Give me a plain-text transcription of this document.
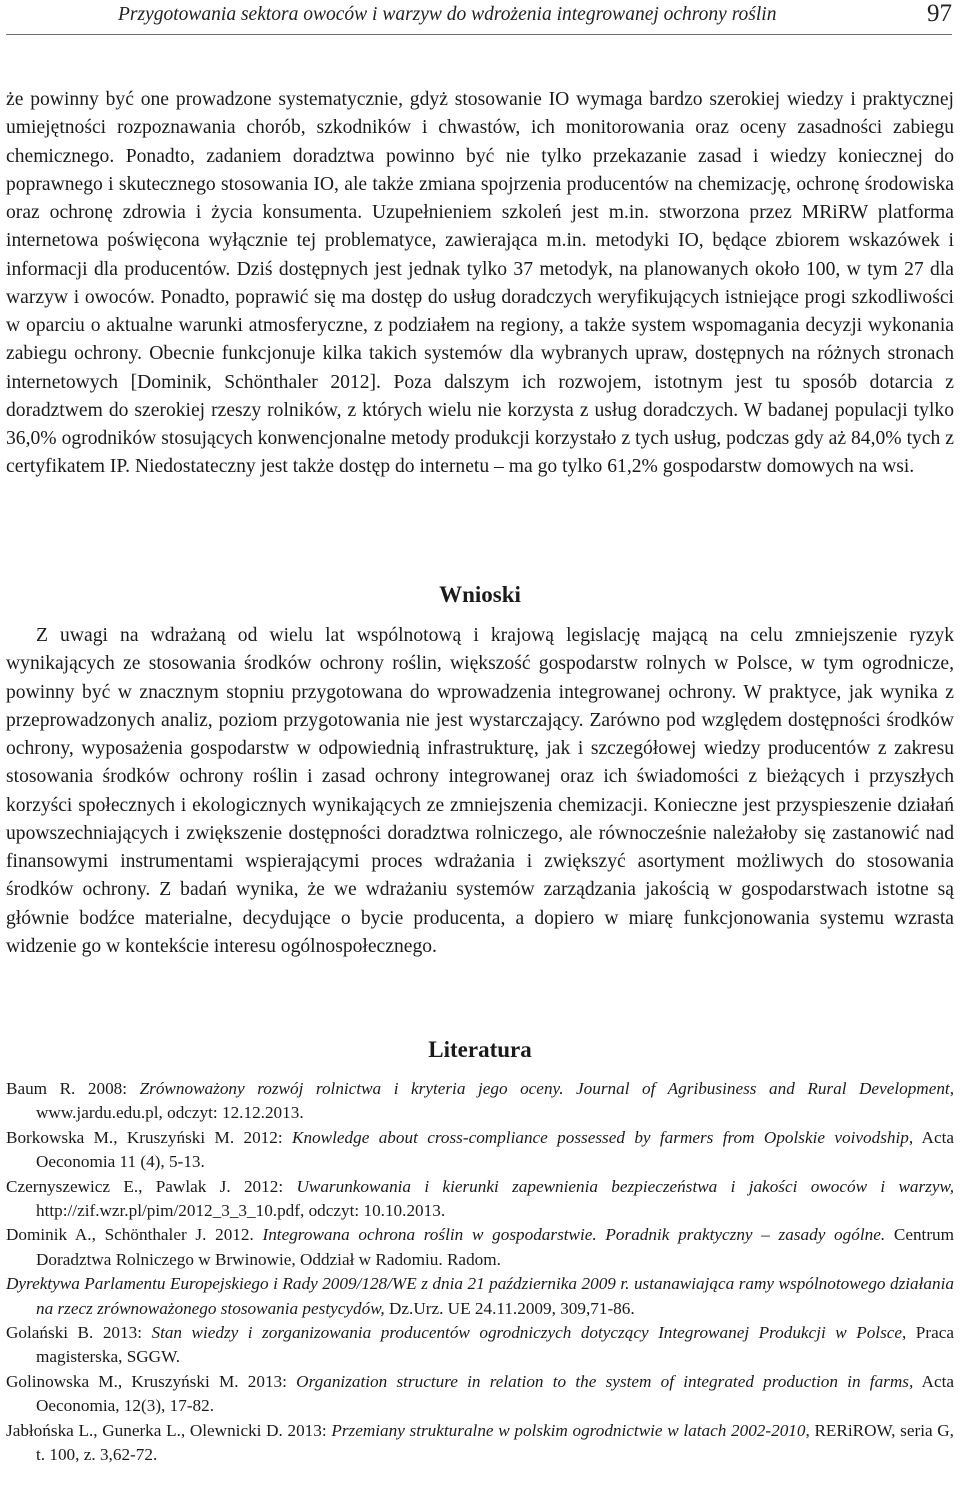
Przygotowania sektora owoców i warzyw do wdrożenia integrowanej ochrony roślin	97

że powinny być one prowadzone systematycznie, gdyż stosowanie IO wymaga bardzo szerokiej wiedzy i praktycznej umiejętności rozpoznawania chorób, szkodników i chwastów, ich monitorowania oraz oceny zasadności zabiegu chemicznego. Ponadto, zadaniem doradztwa powinno być nie tylko przekazanie zasad i wiedzy koniecznej do poprawnego i skutecznego stosowania IO, ale także zmiana spojrzenia producentów na chemizację, ochronę środowiska oraz ochronę zdrowia i życia konsumenta. Uzupełnieniem szkoleń jest m.in. stworzona przez MRiRW platforma internetowa poświęcona wyłącznie tej problematyce, zawierająca m.in. metodyki IO, będące zbiorem wskazówek i informacji dla producentów. Dziś dostępnych jest jednak tylko 37 metodyk, na planowanych około 100, w tym 27 dla warzyw i owoców. Ponadto, poprawić się ma dostęp do usług doradczych weryfikujących istniejące progi szkodliwości w oparciu o aktualne warunki atmosferyczne, z podziałem na regiony, a także system wspomagania decyzji wykonania zabiegu ochrony. Obecnie funkcjonuje kilka takich systemów dla wybranych upraw, dostępnych na różnych stronach internetowych [Dominik, Schönthaler 2012]. Poza dalszym ich rozwojem, istotnym jest tu sposób dotarcia z doradztwem do szerokiej rzeszy rolników, z których wielu nie korzysta z usług doradczych. W badanej populacji tylko 36,0% ogrodników stosujących konwencjonalne metody produkcji korzystało z tych usług, podczas gdy aż 84,0% tych z certyfikatem IP. Niedostateczny jest także dostęp do internetu – ma go tylko 61,2% gospodarstw domowych na wsi.

Wnioski

Z uwagi na wdrażaną od wielu lat wspólnotową i krajową legislację mającą na celu zmniejszenie ryzyk wynikających ze stosowania środków ochrony roślin, większość gospodarstw rolnych w Polsce, w tym ogrodnicze, powinny być w znacznym stopniu przygotowana do wprowadzenia integrowanej ochrony. W praktyce, jak wynika z przeprowadzonych analiz, poziom przygotowania nie jest wystarczający. Zarówno pod względem dostępności środków ochrony, wyposażenia gospodarstw w odpowiednią infrastrukturę, jak i szczegółowej wiedzy producentów z zakresu stosowania środków ochrony roślin i zasad ochrony integrowanej oraz ich świadomości z bieżących i przyszłych korzyści społecznych i ekologicznych wynikających ze zmniejszenia chemizacji. Konieczne jest przyspieszenie działań upowszechniających i zwiększenie dostępności doradztwa rolniczego, ale równocześnie należałoby się zastanowić nad finansowymi instrumentami wspierającymi proces wdrażania i zwiększyć asortyment możliwych do stosowania środków ochrony. Z badań wynika, że we wdrażaniu systemów zarządzania jakością w gospodarstwach istotne są głównie bodźce materialne, decydujące o bycie producenta, a dopiero w miarę funkcjonowania systemu wzrasta widzenie go w kontekście interesu ogólnospołecznego.

Literatura

Baum R. 2008: Zrównoważony rozwój rolnictwa i kryteria jego oceny. Journal of Agribusiness and Rural Development, www.jardu.edu.pl, odczyt: 12.12.2013.

Borkowska M., Kruszyński M. 2012: Knowledge about cross-compliance possessed by farmers from Opolskie voivodship, Acta Oeconomia 11 (4), 5-13.

Czernyszewicz E., Pawlak J. 2012: Uwarunkowania i kierunki zapewnienia bezpieczeństwa i jakości owoców i warzyw, http://zif.wzr.pl/pim/2012_3_3_10.pdf, odczyt: 10.10.2013.

Dominik A., Schönthaler J. 2012. Integrowana ochrona roślin w gospodarstwie. Poradnik praktyczny – zasady ogólne. Centrum Doradztwa Rolniczego w Brwinowie, Oddział w Radomiu. Radom.

Dyrektywa Parlamentu Europejskiego i Rady 2009/128/WE z dnia 21 października 2009 r. ustanawiająca ramy wspólnotowego działania na rzecz zrównoważonego stosowania pestycydów, Dz.Urz. UE 24.11.2009, 309,71-86.

Golański B. 2013: Stan wiedzy i zorganizowania producentów ogrodniczych dotyczący Integrowanej Produkcji w Polsce, Praca magisterska, SGGW.

Golinowska M., Kruszyński M. 2013: Organization structure in relation to the system of integrated production in farms, Acta Oeconomia, 12(3), 17-82.

Jabłońska L., Gunerka L., Olewnicki D. 2013: Przemiany strukturalne w polskim ogrodnictwie w latach 2002-2010, RERiROW, seria G, t. 100, z. 3,62-72.
